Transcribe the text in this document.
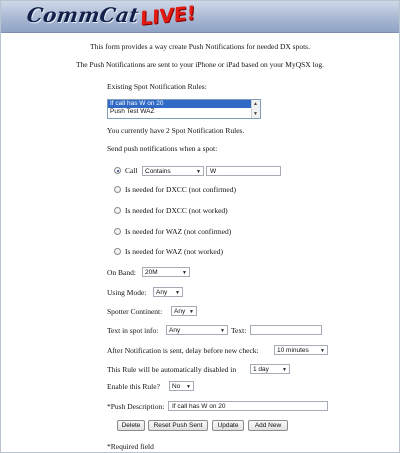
CommCatLIVE!
This form provides a way create Push Notifications for needed DX spots.
The Push Notifications are sent to your iPhone or iPad based on your MyQSX log.
Existing Spot Notification Rules:
If call has W on 20
Push Test WAZ
▲
▼
You currently have 2 Spot Notification Rules.
Send push notifications when a spot:
Call	Contains	▼	W
Is needed for DXCC (not confirmed)
Is needed for DXCC (not worked)
Is needed for WAZ (not confirmed)
Is needed for WAZ (not worked)
On Band:	20M	▼
Using Mode:	Any ▼
Spotter Continent:	Any ▼
Text in spot info:	Any	▼ Text:
After Notification is sent, delay before new check:	10 minutes ▼
This Rule will be automatically disabled in	1 day	▼
Enable this Rule?	No ▼
*Push Description:	If call has W on 20
Delete	Reset Push Sent	Update	Add New
*Required field
